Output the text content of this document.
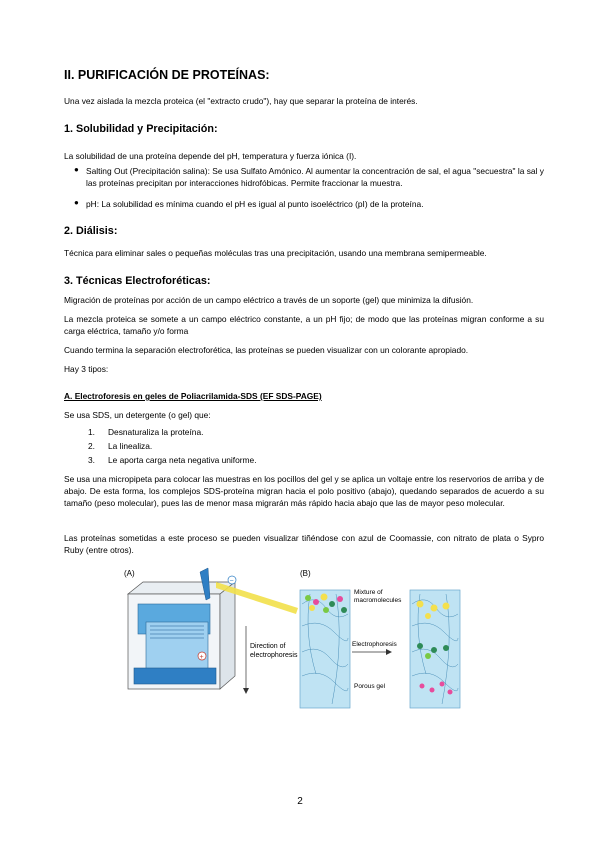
II. PURIFICACIÓN DE PROTEÍNAS:
Una vez aislada la mezcla proteica (el "extracto crudo"), hay que separar la proteína de interés.
1. Solubilidad y Precipitación:
La solubilidad de una proteína depende del pH, temperatura y fuerza iónica (I).
● Salting Out (Precipitación salina): Se usa Sulfato Amónico. Al aumentar la concentración de sal, el agua "secuestra" la sal y las proteínas precipitan por interacciones hidrofóbicas. Permite fraccionar la muestra.
● pH: La solubilidad es mínima cuando el pH es igual al punto isoeléctrico (pI) de la proteína.
2. Diálisis:
Técnica para eliminar sales o pequeñas moléculas tras una precipitación, usando una membrana semipermeable.
3. Técnicas Electroforéticas:
Migración de proteínas por acción de un campo eléctrico a través de un soporte (gel) que minimiza la difusión.
La mezcla proteica se somete a un campo eléctrico constante, a un pH fijo; de modo que las proteínas migran conforme a su carga eléctrica, tamaño y/o forma
Cuando termina la separación electroforética, las proteínas se pueden visualizar con un colorante apropiado.
Hay 3 tipos:
A. Electroforesis en geles de Poliacrilamida-SDS (EF SDS-PAGE)
Se usa SDS, un detergente (o gel) que:
1. Desnaturaliza la proteína.
2. La linealiza.
3. Le aporta carga neta negativa uniforme.
Se usa una micropipeta para colocar las muestras en los pocillos del gel y se aplica un voltaje entre los reservorios de arriba y de abajo. De esta forma, los complejos SDS-proteína migran hacia el polo positivo (abajo), quedando separados de acuerdo a su tamaño (peso molecular), pues las de menor masa migrarán más rápido hacia abajo que las de mayor peso molecular.
Las proteínas sometidas a este proceso se pueden visualizar tiñéndose con azul de Coomassie, con nitrato de plata o Sypro Ruby (entre otros).
(A)	(B)
−
+
Direction of
electrophoresis
Mixture of
macromolecules
Electrophoresis
Porous gel
2
